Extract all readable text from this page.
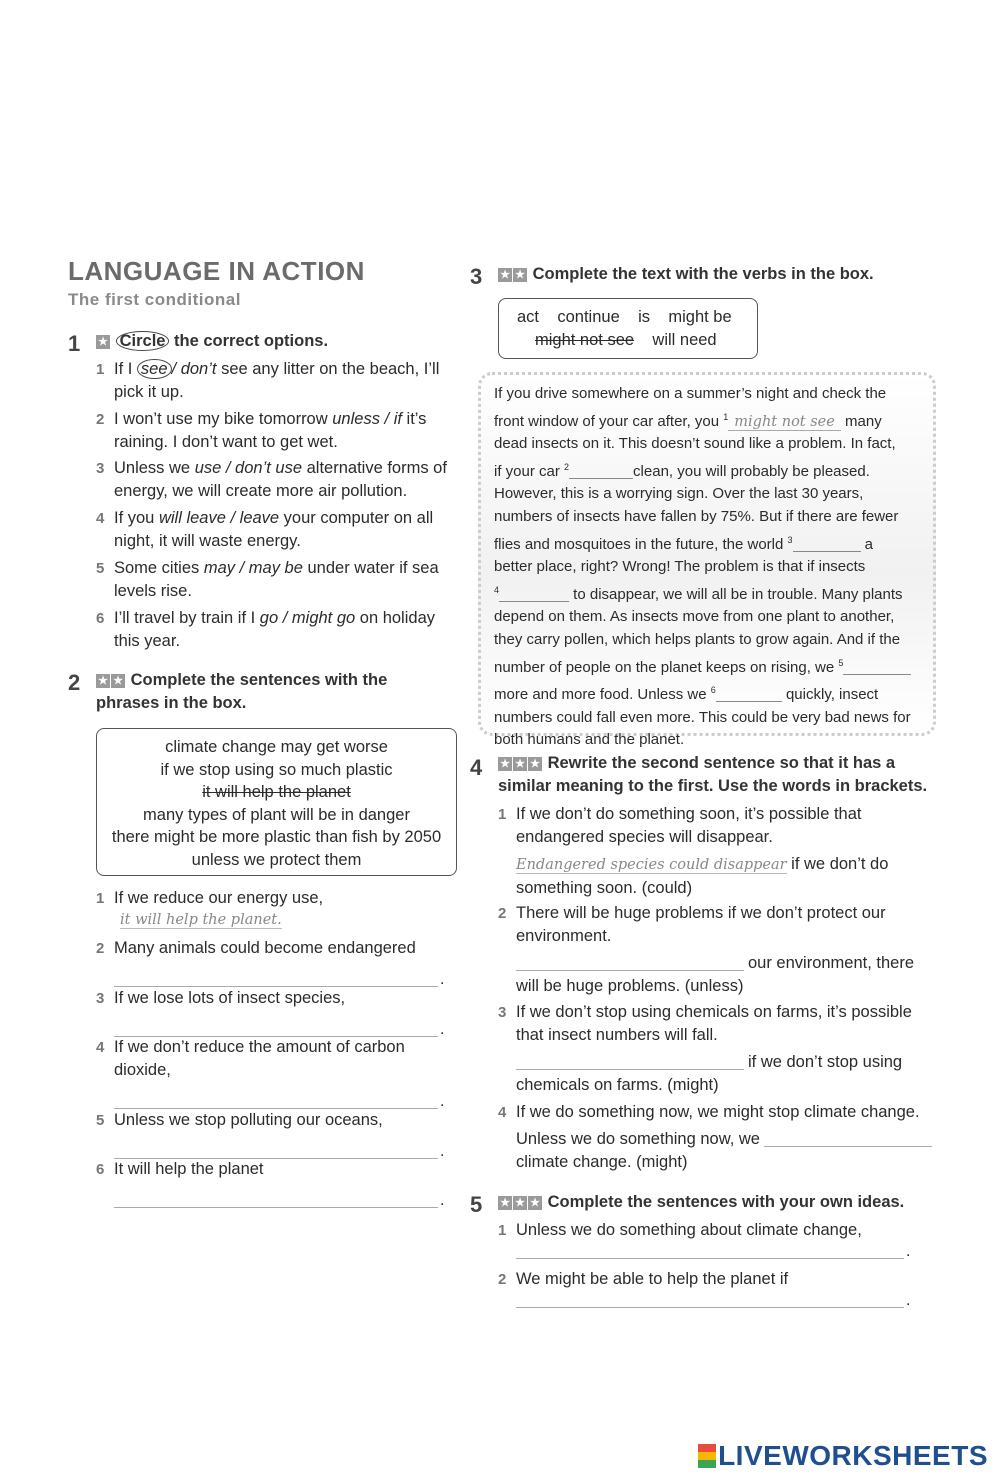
LANGUAGE IN ACTION
The first conditional
1 ★ Circle the correct options.
1 If I see / don’t see any litter on the beach, I’ll
pick it up.
2 I won’t use my bike tomorrow unless / if it’s
raining. I don’t want to get wet.
3 Unless we use / don’t use alternative forms of
energy, we will create more air pollution.
4 If you will leave / leave your computer on all
night, it will waste energy.
5 Some cities may / may be under water if sea
levels rise.
6 I’ll travel by train if I go / might go on holiday
this year.
2 ★ ★ Complete the sentences with the
phrases in the box.
climate change may get worse
if we stop using so much plastic
it will help the planet
many types of plant will be in danger
there might be more plastic than fish by 2050
unless we protect them
1 If we reduce our energy use,
it will help the planet.
2 Many animals could become endangered
.
3 If we lose lots of insect species,
.
4 If we don’t reduce the amount of carbon
dioxide,
.
5 Unless we stop polluting our oceans,
.
6 It will help the planet
.
3 ★ ★ Complete the text with the verbs in the box.
act continue is might be
might not see will need
If you drive somewhere on a summer’s night and check the
front window of your car after, you $^1$ might not see many
dead insects on it. This doesn’t sound like a problem. In fact,
if your car $^2$	clean, you will probably be pleased.
However, this is a worrying sign. Over the last 30 years,
numbers of insects have fallen by 75%. But if there are fewer
flies and mosquitoes in the future, the world $^3$	a
better place, right? Wrong! The problem is that if insects
$^4$	to disappear, we will all be in trouble. Many plants
depend on them. As insects move from one plant to another,
they carry pollen, which helps plants to grow again. And if the
number of people on the planet keeps on rising, we $^5$
more and more food. Unless we $^6$	quickly, insect
numbers could fall even more. This could be very bad news for
both humans and the planet.
4 ★ ★ ★ Rewrite the second sentence so that it has a
similar meaning to the first. Use the words in brackets.
1 If we don’t do something soon, it’s possible that
endangered species will disappear.
Endangered species could disappear if we don’t do
something soon. (could)
2 There will be huge problems if we don’t protect our
environment.
our environment, there
will be huge problems. (unless)
3 If we don’t stop using chemicals on farms, it’s possible
that insect numbers will fall.
if we don’t stop using
chemicals on farms. (might)
4 If we do something now, we might stop climate change.
Unless we do something now, we
climate change. (might)
5 ★ ★ ★ Complete the sentences with your own ideas.
1 Unless we do something about climate change,
.
2 We might be able to help the planet if
.
LIVEWORKSHEETS
